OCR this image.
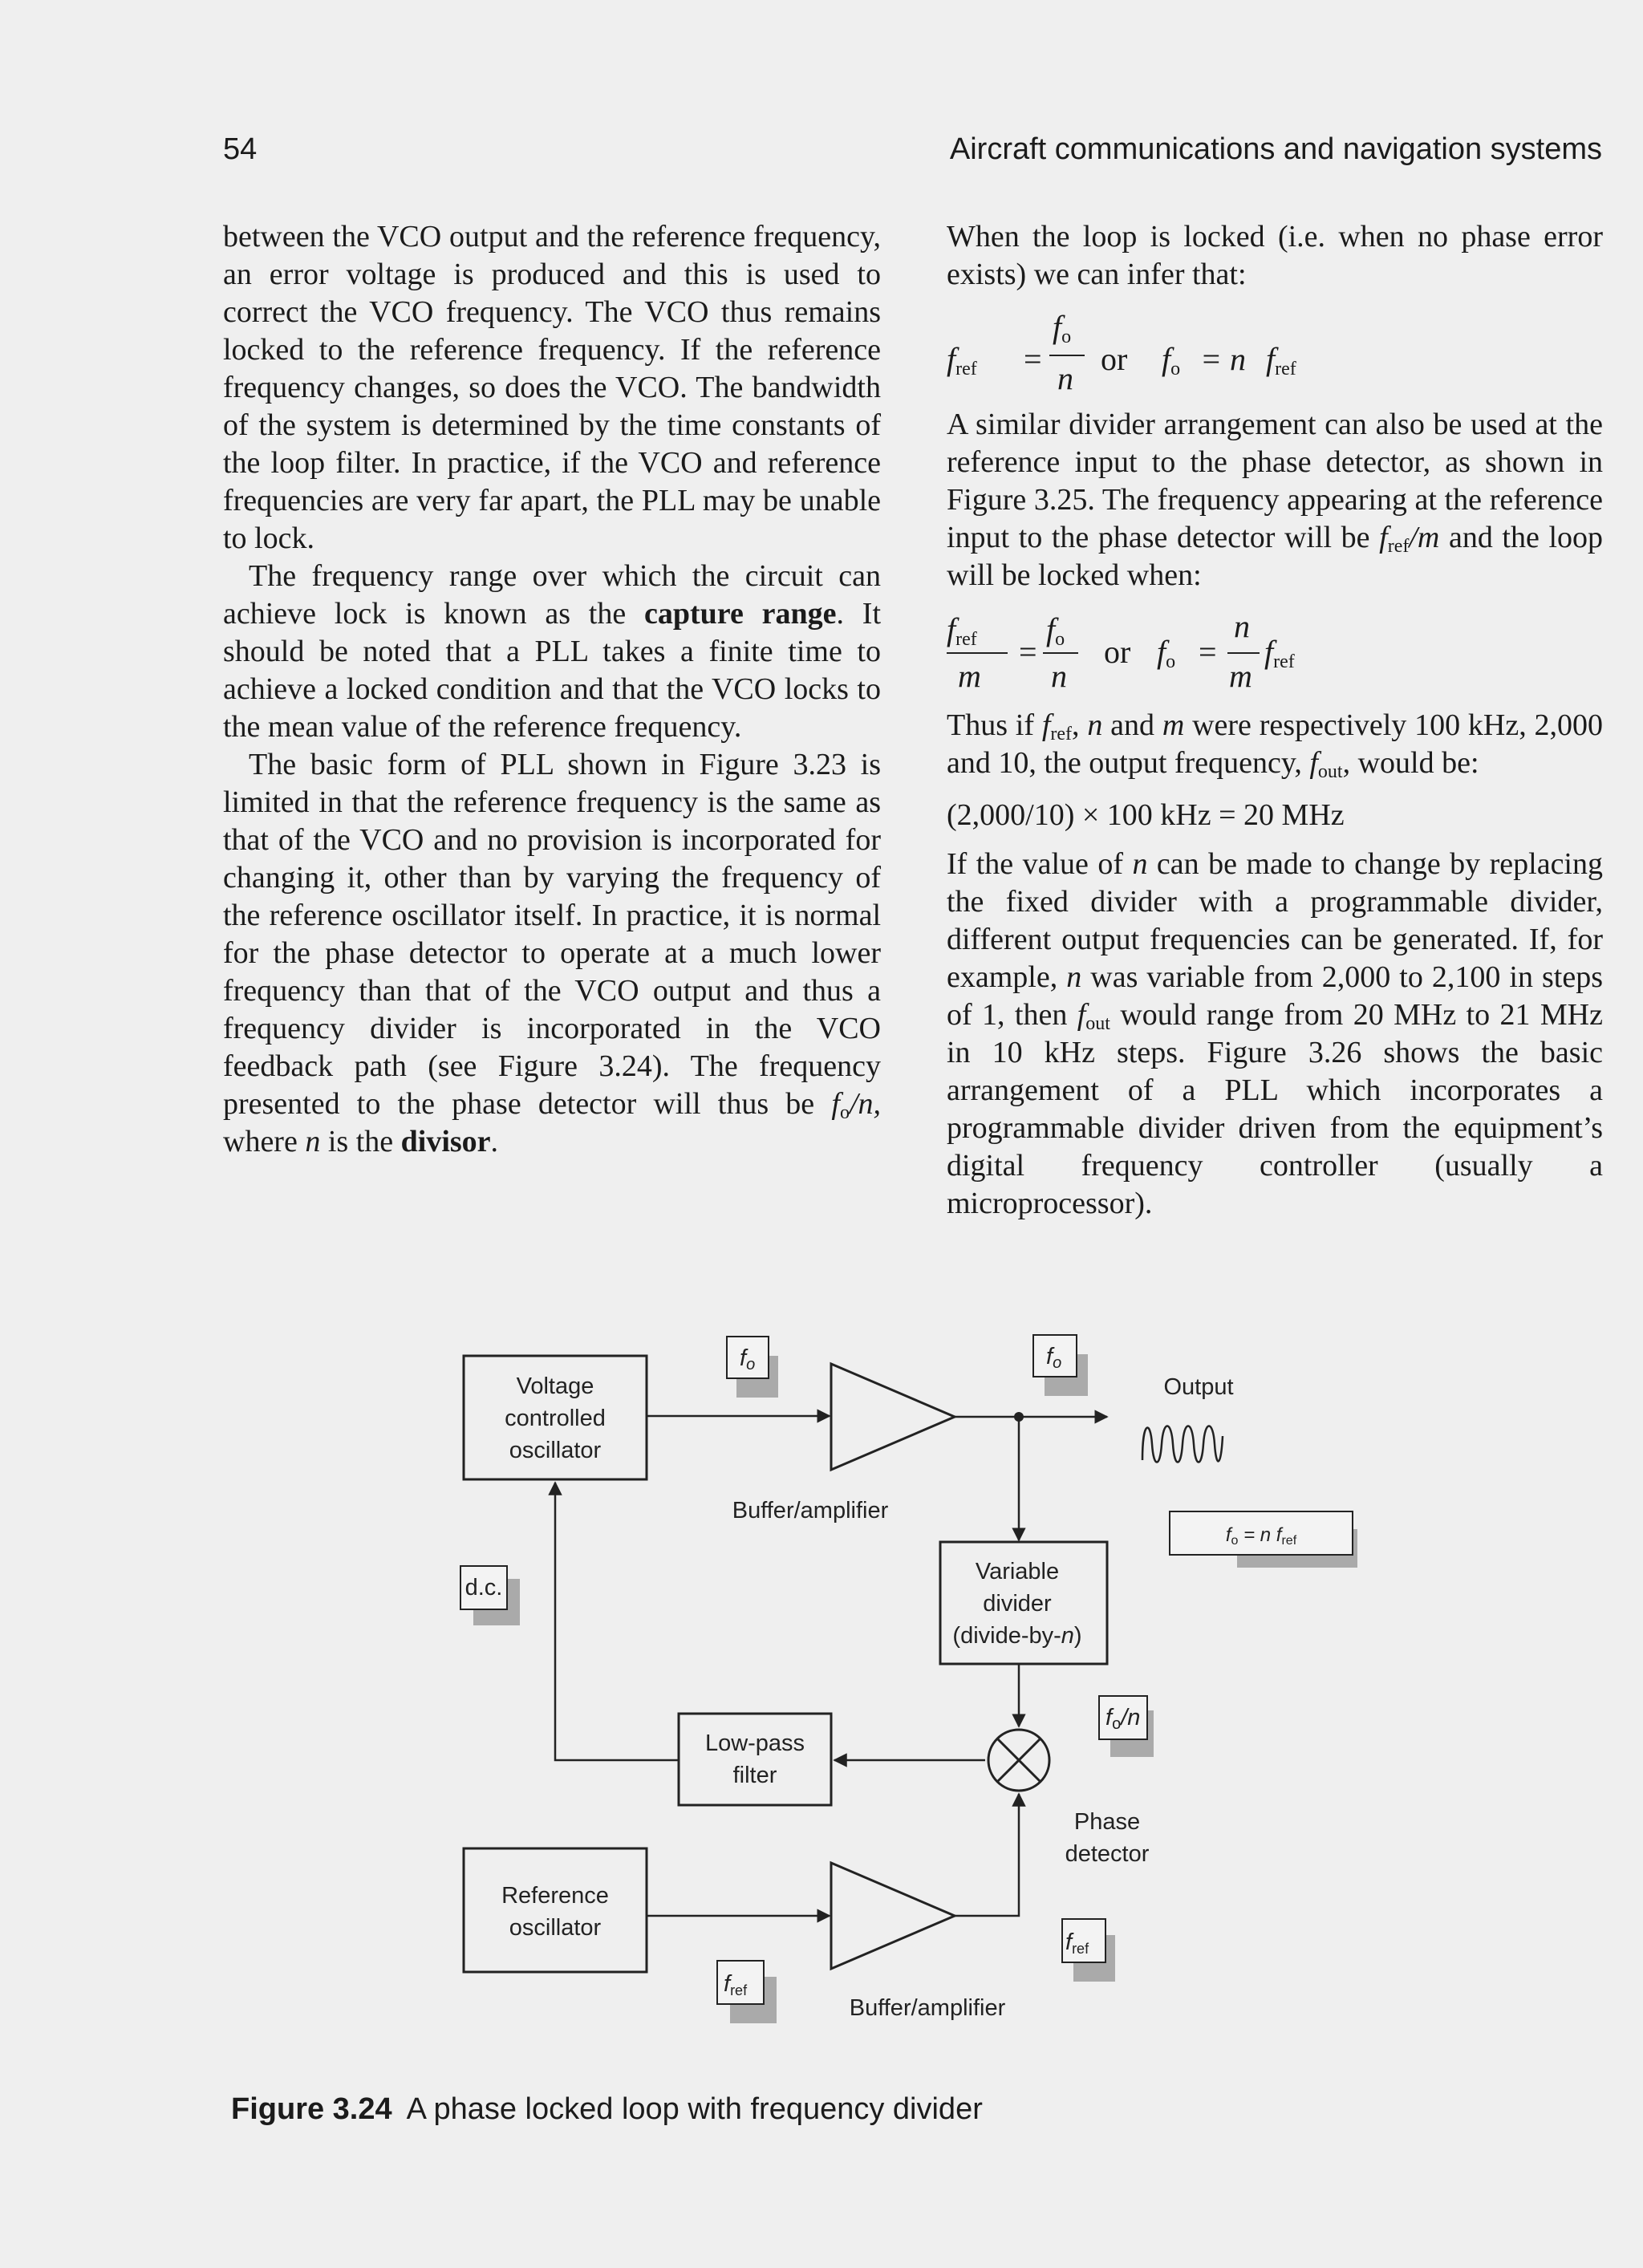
54	Aircraft communications and navigation systems

between the VCO output and the reference frequency, an error voltage is produced and this is used to correct the VCO frequency. The VCO thus remains locked to the reference frequency. If the reference frequency changes, so does the VCO. The bandwidth of the system is determined by the time constants of the loop filter. In practice, if the VCO and reference frequencies are very far apart, the PLL may be unable to lock.

The frequency range over which the circuit can achieve lock is known as the capture range. It should be noted that a PLL takes a finite time to achieve a locked condition and that the VCO locks to the mean value of the reference frequency.

The basic form of PLL shown in Figure 3.23 is limited in that the reference frequency is the same as that of the VCO and no provision is incorporated for changing it, other than by varying the frequency of the reference oscillator itself. In practice, it is normal for the phase detector to operate at a much lower frequency than that of the VCO output and thus a frequency divider is incorporated in the VCO feedback path (see Figure 3.24). The frequency presented to the phase detector will thus be $f_o/n$, where n is the divisor.

When the loop is locked (i.e. when no phase error exists) we can infer that:

$f_{ref}$ =
$f_o$
n
or $f_o = n$ $f_{ref}$

A similar divider arrangement can also be used at the reference input to the phase detector, as shown in Figure 3.25. The frequency appearing at the reference input to the phase detector will be $f_{ref}/m$ and the loop will be locked when:

$f_{ref}$
m
=
$f_o$
n
or $f_o$ =
n
m
$f_{ref}$

Thus if $f_{ref}$, n and m were respectively 100 kHz, 2,000 and 10, the output frequency, $f_{out}$, would be:

(2,000/10) × 100 kHz = 20 MHz

If the value of n can be made to change by replacing the fixed divider with a programmable divider, different output frequencies can be generated. If, for example, n was variable from 2,000 to 2,100 in steps of 1, then $f_{out}$ would range from 20 MHz to 21 MHz in 10 kHz steps. Figure 3.26 shows the basic arrangement of a PLL which incorporates a programmable divider driven from the equipment’s digital frequency controller (usually a microprocessor).

Voltage
controlled
oscillator
fo	fo
Output
Buffer/amplifier
fo = n fref
Variable
divider
(divide-by-n)
d.c.
Low-pass
filter
fo/n
Phase
detector
Reference
oscillator
fref
fref
Buffer/amplifier
Figure 3.24 A phase locked loop with frequency divider
